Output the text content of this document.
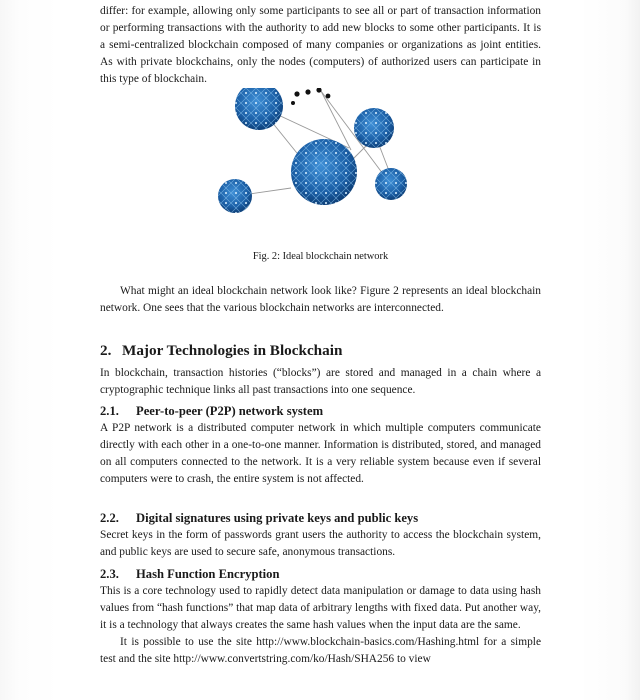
differ: for example, allowing only some participants to see all or part of transaction information or performing transactions with the authority to add new blocks to some other participants. It is a semi-centralized blockchain composed of many companies or organizations as joint entities. As with private blockchains, only the nodes (computers) of authorized users can participate in this type of blockchain.

Fig. 2: Ideal blockchain network

What might an ideal blockchain network look like? Figure 2 represents an ideal blockchain network. One sees that the various blockchain networks are interconnected.

2. Major Technologies in Blockchain

In blockchain, transaction histories (“blocks”) are stored and managed in a chain where a cryptographic technique links all past transactions into one sequence.

2.1. Peer-to-peer (P2P) network system

A P2P network is a distributed computer network in which multiple computers communicate directly with each other in a one-to-one manner. Information is distributed, stored, and managed on all computers connected to the network. It is a very reliable system because even if several computers were to crash, the entire system is not affected.

2.2. Digital signatures using private keys and public keys

Secret keys in the form of passwords grant users the authority to access the blockchain system, and public keys are used to secure safe, anonymous transactions.

2.3. Hash Function Encryption

This is a core technology used to rapidly detect data manipulation or damage to data using hash values from “hash functions” that map data of arbitrary lengths with fixed data. Put another way, it is a technology that always creates the same hash values when the input data are the same.

It is possible to use the site http://www.blockchain-basics.com/Hashing.html for a simple test and the site http://www.convertstring.com/ko/Hash/SHA256 to view
